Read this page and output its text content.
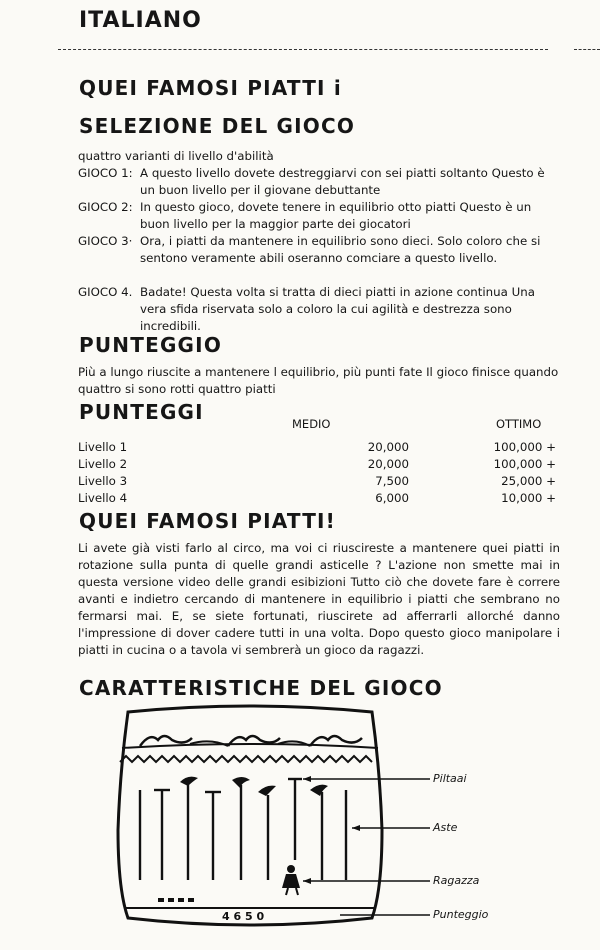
ITALIANO
QUEI FAMOSI PIATTI i
SELEZIONE DEL GIOCO
quattro varianti di livello d'abilità
GIOCO 1: A questo livello dovete destreggiarvi con sei piatti soltanto Questo è un buon livello per il giovane debuttante
GIOCO 2: In questo gioco, dovete tenere in equilibrio otto piatti Questo è un buon livello per la maggior parte dei giocatori
GIOCO 3· Ora, i piatti da mantenere in equilibrio sono dieci. Solo coloro che si sentono veramente abili oseranno comciare a questo livello.
GIOCO 4. Badate! Questa volta si tratta di dieci piatti in azione continua Una vera sfida riservata solo a coloro la cui agilità e destrezza sono incredibili.
PUNTEGGIO
Più a lungo riuscite a mantenere l equilibrio, più punti fate Il gioco finisce quando quattro si sono rotti quattro piatti
PUNTEGGI	MEDIO	OTTIMO
Livello 1	20,000	100,000 +
Livello 2	20,000	100,000 +
Livello 3	7,500	25,000 +
Livello 4	6,000	10,000 +
QUEI FAMOSI PIATTI!
Li avete già visti farlo al circo, ma voi ci riuscireste a mantenere quei piatti in rotazione sulla punta di quelle grandi asticelle ? L'azione non smette mai in questa versione video delle grandi esibizioni Tutto ciò che dovete fare è correre avanti e indietro cercando di mantenere in equilibrio i piatti che sembrano no fermarsi mai. E, se siete fortunati, riuscirete ad afferrarli allorché danno l'impressione di dover cadere tutti in una volta. Dopo questo gioco manipolare i piatti in cucina o a tavola vi sembrerà un gioco da ragazzi.
CARATTERISTICHE DEL GIOCO
4 6 5 0
Piltaai
Aste
Ragazza
Punteggio
